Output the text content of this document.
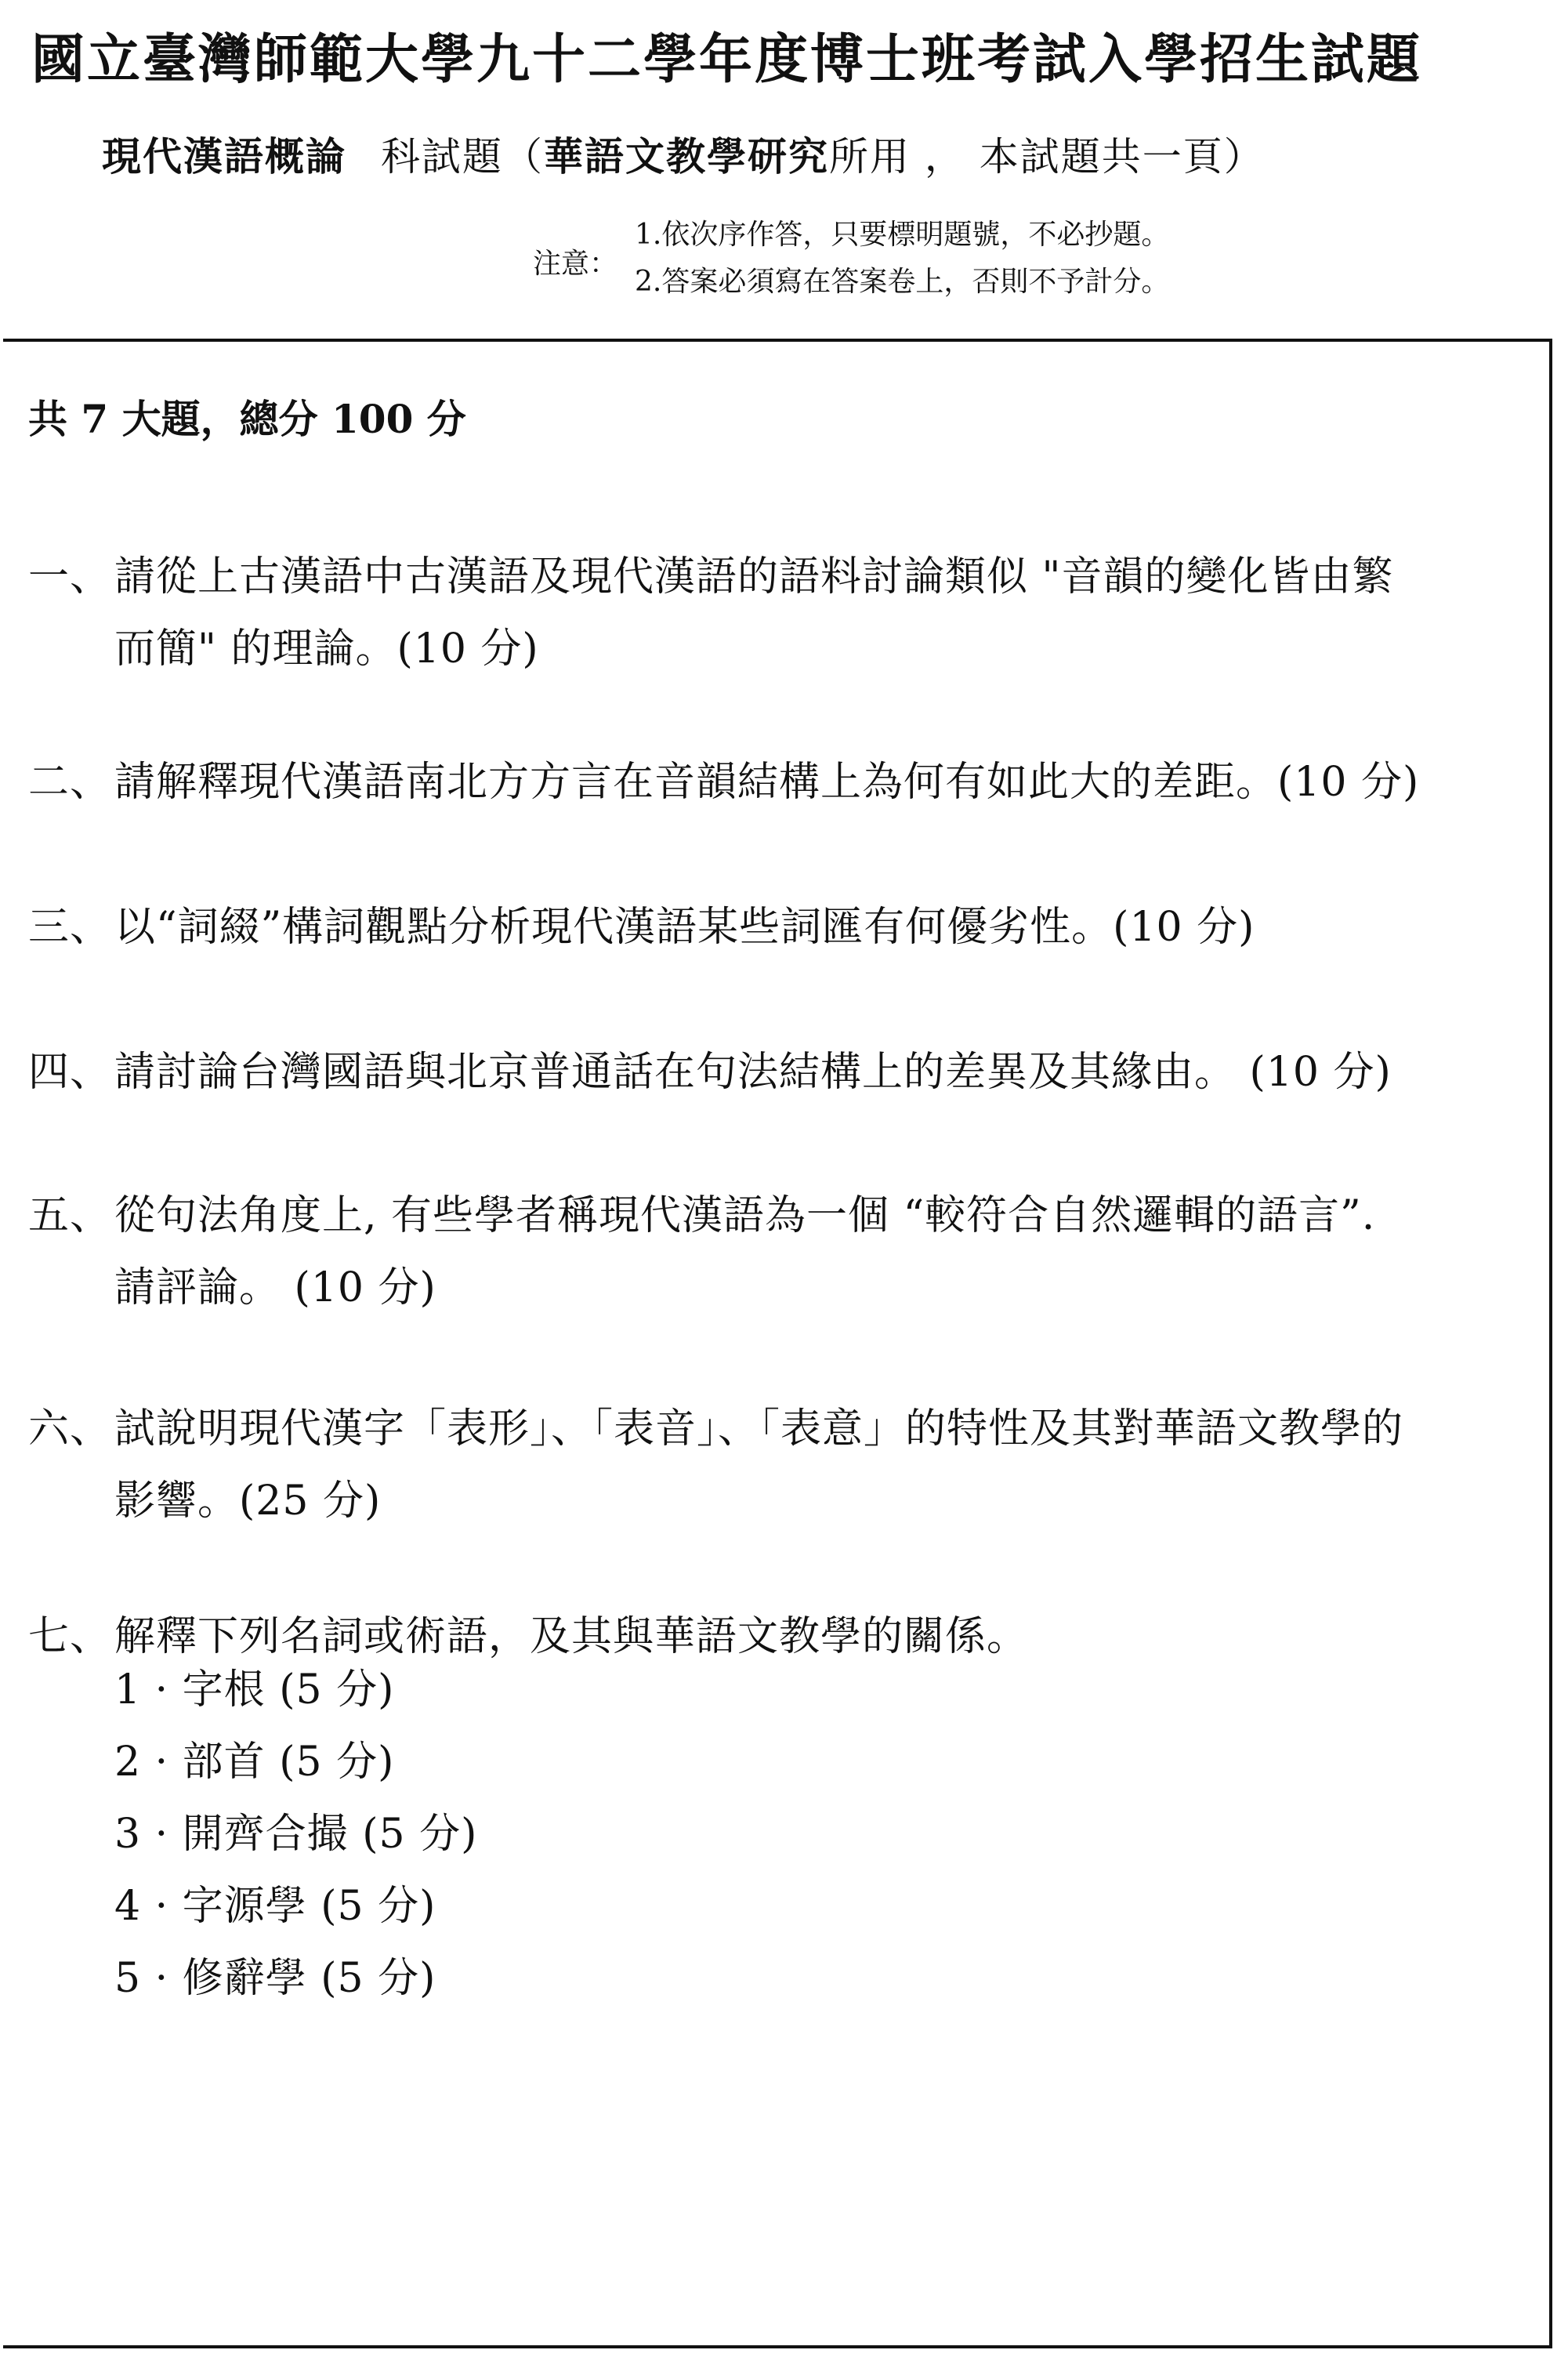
國立臺灣師範大學九十二學年度博士班考試入學招生試題
現代漢語概論 科試題（華語文教學研究所用 ， 本試題共一頁）
注意：
1.依次序作答，只要標明題號，不必抄題。
2.答案必須寫在答案卷上，否則不予計分。
共 7 大題，總分 100 分
一、請從上古漢語中古漢語及現代漢語的語料討論類似 "音韻的變化皆由繁
而簡" 的理論。(10 分)
二、請解釋現代漢語南北方方言在音韻結構上為何有如此大的差距。(10 分)
三、以“詞綴”構詞觀點分析現代漢語某些詞匯有何優劣性。(10 分)
四、請討論台灣國語與北京普通話在句法結構上的差異及其緣由。 (10 分)
五、從句法角度上, 有些學者稱現代漢語為一個 “較符合自然邏輯的語言”.
請評論。 (10 分)
六、試說明現代漢字「表形」、「表音」、「表意」的特性及其對華語文教學的
影響。(25 分)
七、解釋下列名詞或術語，及其與華語文教學的關係。
1 · 字根 (5 分)
2 · 部首 (5 分)
3 · 開齊合撮 (5 分)
4 · 字源學 (5 分)
5 · 修辭學 (5 分)
